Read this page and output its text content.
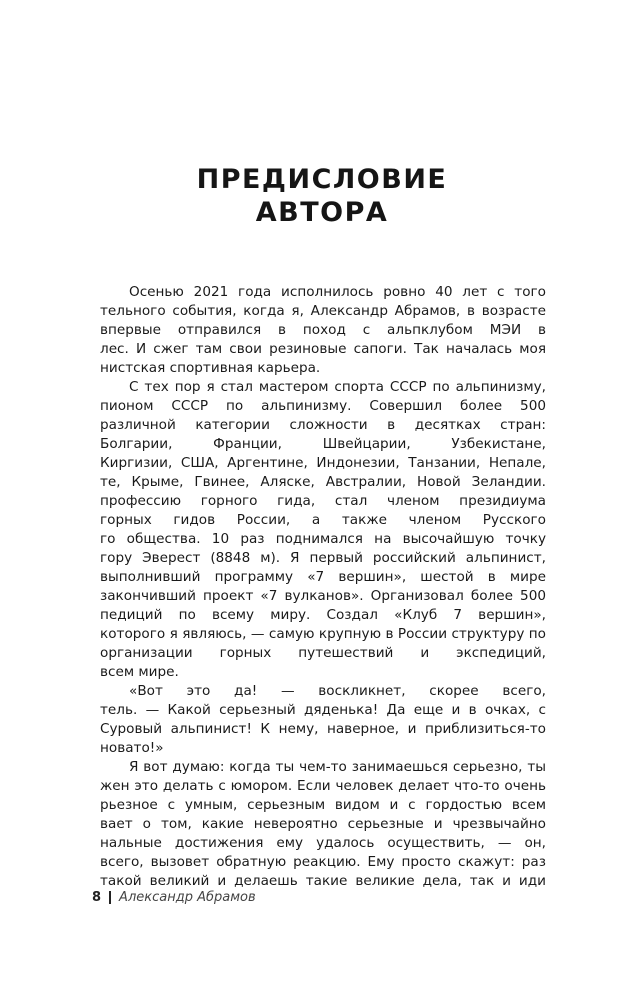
ПРЕДИСЛОВИЕ
АВТОРА
Осенью 2021 года исполнилось ровно 40 лет с того
тельного события, когда я, Александр Абрамов, в возрасте
впервые отправился в поход с альпклубом МЭИ в
лес. И сжег там свои резиновые сапоги. Так началась моя
нистская спортивная карьера.
С тех пор я стал мастером спорта СССР по альпинизму,
пионом СССР по альпинизму. Совершил более 500
различной категории сложности в десятках стран:
Болгарии, Франции, Швейцарии, Узбекистане,
Киргизии, США, Аргентине, Индонезии, Танзании, Непале,
те, Крыме, Гвинее, Аляске, Австралии, Новой Зеландии.
профессию горного гида, стал членом президиума
горных гидов России, а также членом Русского
го общества. 10 раз поднимался на высочайшую точку
гору Эверест (8848 м). Я первый российский альпинист,
выполнивший программу «7 вершин», шестой в мире
закончивший проект «7 вулканов». Организовал более 500
педиций по всему миру. Создал «Клуб 7 вершин»,
которого я являюсь, — самую крупную в России структуру по
организации горных путешествий и экспедиций,
всем мире.
«Вот это да! — воскликнет, скорее всего,
тель. — Какой серьезный дяденька! Да еще и в очках, с
Суровый альпинист! К нему, наверное, и приблизиться-то
новато!»
Я вот думаю: когда ты чем-то занимаешься серьезно, ты
жен это делать с юмором. Если человек делает что-то очень
рьезное с умным, серьезным видом и с гордостью всем
вает о том, какие невероятно серьезные и чрезвычайно
нальные достижения ему удалось осуществить, — он,
всего, вызовет обратную реакцию. Ему просто скажут: раз
такой великий и делаешь такие великие дела, так и иди
8 Александр Абрамов
